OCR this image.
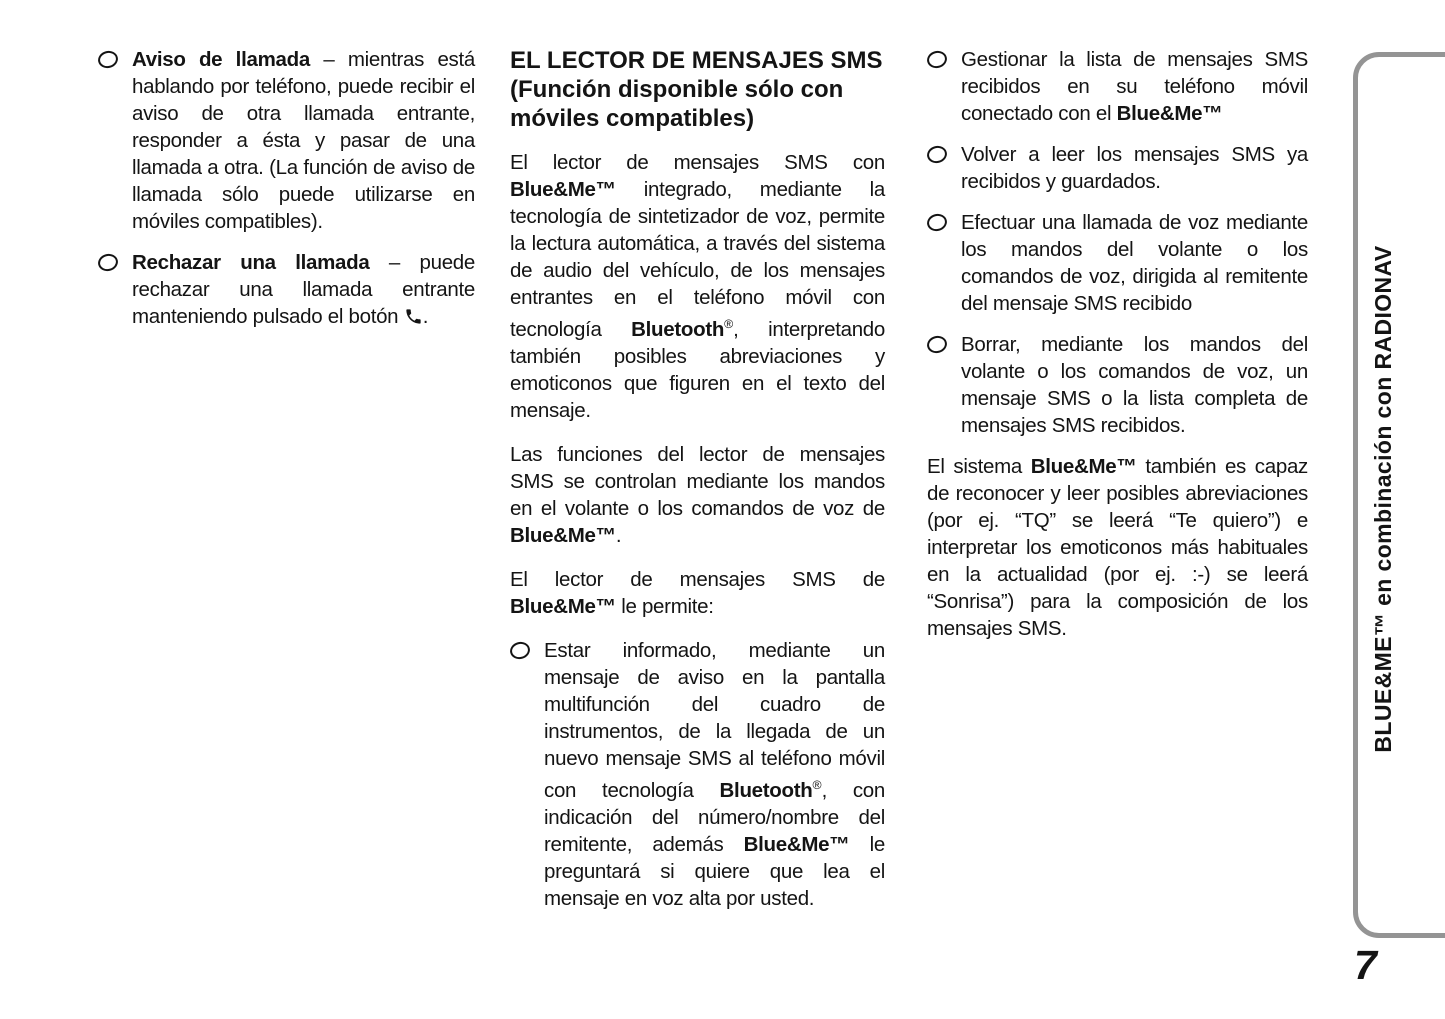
Aviso de llamada – mientras está hablando por teléfono, puede recibir el aviso de otra llamada entrante, responder a ésta y pasar de una llamada a otra. (La función de aviso de llamada sólo puede utilizarse en móviles compatibles).
Rechazar una llamada – puede rechazar una llamada entrante manteniendo pulsado el botón .
EL LECTOR DE MENSAJES SMS (Función disponible sólo con móviles compatibles)

El lector de mensajes SMS con Blue&Me™ integrado, mediante la tecnología de sintetizador de voz, permite la lectura automática, a través del sistema de audio del vehículo, de los mensajes entrantes en el teléfono móvil con tecnología Bluetooth®, interpretando también posibles abreviaciones y emoticonos que figuren en el texto del mensaje.

Las funciones del lector de mensajes SMS se controlan mediante los mandos en el volante o los comandos de voz de Blue&Me™.

El lector de mensajes SMS de Blue&Me™ le permite:

Estar informado, mediante un mensaje de aviso en la pantalla multifunción del cuadro de instrumentos, de la llegada de un nuevo mensaje SMS al teléfono móvil con tecnología Bluetooth®, con indicación del número/nombre del remitente, además Blue&Me™ le preguntará si quiere que lea el mensaje en voz alta por usted.
Gestionar la lista de mensajes SMS recibidos en su teléfono móvil conectado con el Blue&Me™
Volver a leer los mensajes SMS ya recibidos y guardados.
Efectuar una llamada de voz mediante los mandos del volante o los comandos de voz, dirigida al remitente del mensaje SMS recibido
Borrar, mediante los mandos del volante o los comandos de voz, un mensaje SMS o la lista completa de mensajes SMS recibidos.

El sistema Blue&Me™ también es capaz de reconocer y leer posibles abreviaciones (por ej. “TQ” se leerá “Te quiero”) e interpretar los emoticonos más habituales en la actualidad (por ej. :-) se leerá “Sonrisa”) para la composición de los mensajes SMS.	BLUE&ME™ en combinación con RADIONAV
7
